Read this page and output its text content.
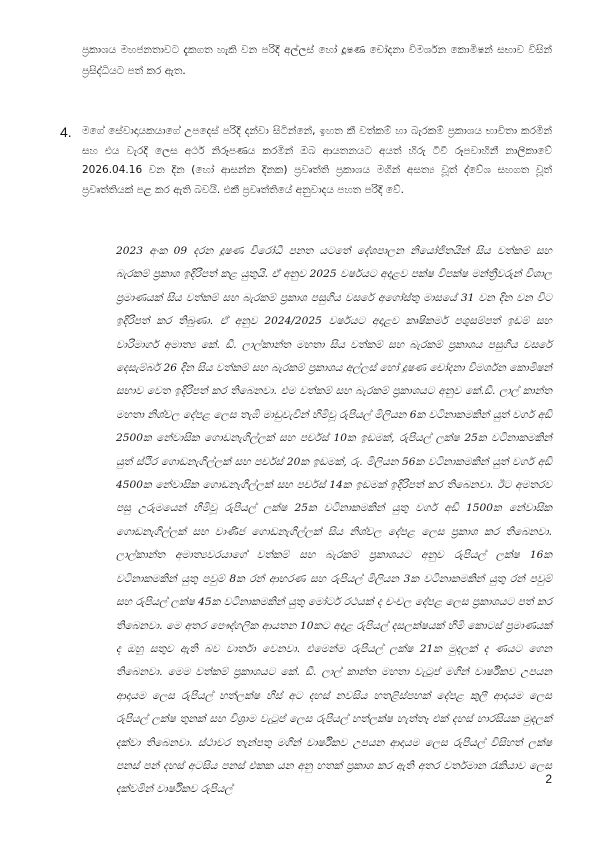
ප්‍රකාශය මහජනතාවට දැකගත හැකි වන පරිදි අල්ලස් හෝ දූෂණ චෝදනා විමර්ශන කොමිෂන් සභාව විසින් ප්‍රසිද්ධියට පත් කර ඇත.

4. මගේ සේවාදායකයාගේ උපදෙස් පරිදි දන්වා සිටින්නේ, ඉහත කී වත්කම් හා බැරකම් ප්‍රකාශය භාවිතා කරමින් සහ එය වැරදි ලෙස අර්ථ නිරූපණය කරමින් ඔබ ආයතනයට අයත් හිරු ටීවී රූපවාහිනී නාලිකාවේ 2026.04.16 වන දින (හෝ ආසන්න දිනක) ප්‍රවෘත්ති ප්‍රකාශය මගින් අසත්‍ය වූත් ද්වේශ සහගත වූත් ප්‍රවෘත්තියක් පළ කර ඇති බවයි. එකී ප්‍රවෘත්තියේ අනුවාදය පහත පරිදි වේ.

2023 අංක 09 දරන දූෂණ විරෝධී පනත යටතේ දේශපාලන නියෝජිතයින් සිය වත්කම් සහ බැරකම් ප්‍රකාශ ඉදිරිපත් කළ යුතුයි. ඒ අනුව 2025 වර්ෂයට අදාළව පක්ෂ විපක්ෂ මන්ත්‍රීවරුන් විශාල ප්‍රමාණයක් සිය වත්කම් සහ බැරකම් ප්‍රකාශ පසුගිය වසරේ අගෝස්තු මාසයේ 31 වන දින වන විට ඉදිරිපත් කර තිබුණා. ඒ අනුව 2024/2025 වර්ෂයට අදාළව කෘෂිකර්ම පශුසම්පත් ඉඩම් සහ වාරිමාර්ග අමාත්‍ය කේ. ඩී. ලාල්කාන්ත මහතා සිය වත්කම් සහ බැරකම් ප්‍රකාශය පසුගිය වසරේ දෙසැම්බර් 26 දින සිය වත්කම් සහ බැරකම් ප්‍රකාශය අල්ලස් හෝ දූෂණ චෝදනා විමර්ශන කොමිෂන් සභාව වෙත ඉදිරිපත් කර තිබෙනවා. එම වත්කම් සහ බැරකම් ප්‍රකාශයට අනුව කේ.ඩී. ලාල් කාන්ත මහතා නිශ්චල දේපළ ලෙස තැඹි මාඩුවැවින් හිමිවූ රුපියල් මිලියන 6ක වටිනාකමකින් යුත් වර්ග අඩි 2500ක නේවාසික ගොඩනැගිල්ලක් සහ පර්චස් 10ක ඉඩමක්, රුපියල් ලක්ෂ 25ක වටිනාකමකින් යුත් ස්ථිර ගොඩනැගිල්ලක් සහ පර්චස් 20ක ඉඩමක්, රු. මිලියන 56ක වටිනාකමකින් යුත් වර්ග අඩි 4500ක නේවාසික ගොඩනැගිල්ලක් සහ පර්චස් 14ක ඉඩමක් ඉදිරිපත් කර තිබෙනවා. ඊට අමතරව පසු උරුමයෙන් හිමිවූ රුපියල් ලක්ෂ 25ක වටිනාකමකින් යුතු වර්ග අඩි 1500ක නේවාසික ගොඩනැගිල්ලක් සහ වාණිජ ගොඩනැගිල්ලක් සිය නිශ්චල දේපළ ලෙස ප්‍රකාශ කර තිබෙනවා. ලාල්කාන්ත අමාත්‍යවරයාගේ වත්කම් සහ බැරකම් ප්‍රකාශයට අනුව රුපියල් ලක්ෂ 16ක වටිනාකමකින් යුතු පවුම් 8ක රන් ආභරණ සහ රුපියල් මිලියන 3ක වටිනාකමකින් යුතු රන් පවුම් සහ රුපියල් ලක්ෂ 45ක වටිනාකමකින් යුතු මෝටර් රථයක් ද චංචල දේපළ ලෙස ප්‍රකාශයට පත් කර තිබෙනවා. මෙ අතර පෞද්ගලික ආයතන 10කට අදාළ රුපියල් දසලක්ෂයක් හිමි කොටස් ප්‍රමාණයක් ද ඔහු සතුව ඇති බව වාර්තා වෙනවා. එමෙන්ම රුපියල් ලක්ෂ 21ක මුදලක් ද ණයට ගෙන තිබෙනවා. මෙම වත්කම් ප්‍රකාශයට කේ. ඩී. ලාල් කාන්ත මහතා වැටුප් මගින් වාර්ෂිකව උපයන ආදායම ලෙස රුපියල් හත්ලක්ෂ හිස් අට දහස් නවසිය හතළිස්පහක් දේපළ කුලී ආදායම ලෙස රුපියල් ලක්ෂ තුනක් සහ විශ්‍රාම වැටුප් ලෙස රුපියල් හත්ලක්ෂ හැත්තෑ එක් දහස් හාරසියක මුදලක් දක්වා තිබෙනවා. ස්ථාවර තැන්පතු මගින් වාර්ෂිකව උපයන ආදායම ලෙස රුපියල් විසිහත් ලක්ෂ පනස් පන් දහස් අටසිය පනස් එකක යන අනු හතක් ප්‍රකාශ කර ඇති අතර වර්තමාන රැකියාව ලෙස දක්වමින් වාර්ෂිකව රුපියල්

2
